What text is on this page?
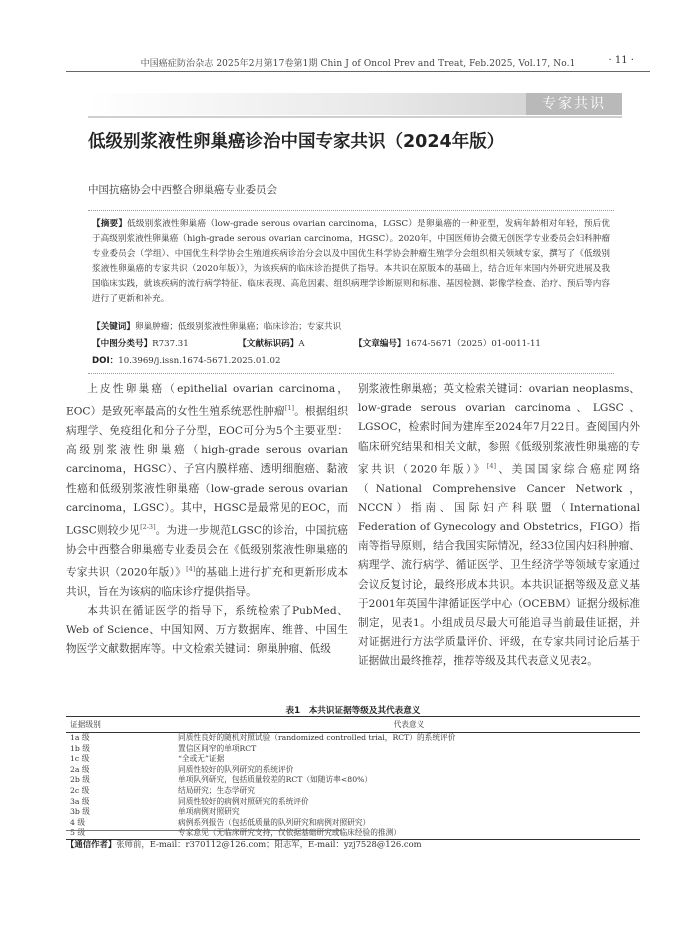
中国癌症防治杂志 2025年2月第17卷第1期 Chin J of Oncol Prev and Treat, Feb.2025, Vol.17, No.1	· 11 ·
专家共识
低级别浆液性卵巢癌诊治中国专家共识（2024年版）
中国抗癌协会中西整合卵巢癌专业委员会
【摘要】低级别浆液性卵巢癌（low-grade serous ovarian carcinoma，LGSC）是卵巢癌的一种亚型，发病年龄相对年轻，预后优于高级别浆液性卵巢癌（high-grade serous ovarian carcinoma，HGSC）。2020年，中国医师协会微无创医学专业委员会妇科肿瘤专业委员会（学组）、中国优生科学协会生殖道疾病诊治分会以及中国优生科学协会肿瘤生殖学分会组织相关领域专家，撰写了《低级别浆液性卵巢癌的专家共识（2020年版）》，为该疾病的临床诊治提供了指导。本共识在原版本的基础上，结合近年来国内外研究进展及我国临床实践，就该疾病的流行病学特征、临床表现、高危因素、组织病理学诊断原则和标准、基因检测、影像学检查、治疗、预后等内容进行了更新和补充。
【关键词】卵巢肿瘤；低级别浆液性卵巢癌；临床诊治；专家共识
【中图分类号】R737.31	【文献标识码】A	【文章编号】1674-5671（2025）01-0011-11
DOI：10.3969/j.issn.1674-5671.2025.01.02

上皮性卵巢癌（epithelial ovarian carcinoma，EOC）是致死率最高的女性生殖系统恶性肿瘤[1]。根据组织病理学、免疫组化和分子分型，EOC可分为5个主要亚型：高级别浆液性卵巢癌（high-grade serous ovarian carcinoma，HGSC）、子宫内膜样癌、透明细胞癌、黏液性癌和低级别浆液性卵巢癌（low-grade serous ovarian carcinoma，LGSC）。其中，HGSC是最常见的EOC，而LGSC则较少见[2-3]。为进一步规范LGSC的诊治，中国抗癌协会中西整合卵巢癌专业委员会在《低级别浆液性卵巢癌的专家共识（2020年版）》[4]的基础上进行扩充和更新形成本共识，旨在为该病的临床诊疗提供指导。

本共识在循证医学的指导下，系统检索了PubMed、Web of Science、中国知网、万方数据库、维普、中国生物医学文献数据库等。中文检索关键词：卵巢肿瘤、低级

别浆液性卵巢癌；英文检索关键词：ovarian neoplasms、low-grade serous ovarian carcinoma、LGSC、LGSOC，检索时间为建库至2024年7月22日。查阅国内外临床研究结果和相关文献，参照《低级别浆液性卵巢癌的专家共识（2020年版）》[4]、美国国家综合癌症网络（National Comprehensive Cancer Network，NCCN）指南、国际妇产科联盟（International Federation of Gynecology and Obstetrics，FIGO）指南等指导原则，结合我国实际情况，经33位国内妇科肿瘤、病理学、流行病学、循证医学、卫生经济学等领域专家通过会议反复讨论，最终形成本共识。本共识证据等级及意义基于2001年英国牛津循证医学中心（OCEBM）证据分级标准制定，见表1。小组成员尽最大可能追寻当前最佳证据，并对证据进行方法学质量评价、评级，在专家共同讨论后基于证据做出最终推荐，推荐等级及其代表意义见表2。

表1　本共识证据等级及其代表意义
证据级别	代表意义
1a 级	同质性良好的随机对照试验（randomized controlled trial，RCT）的系统评价
1b 级	置信区间窄的单项RCT
1c 级	“全或无”证据
2a 级	同质性较好的队列研究的系统评价
2b 级	单项队列研究，包括质量较差的RCT（如随访率<80%）
2c 级	结局研究；生态学研究
3a 级	同质性较好的病例对照研究的系统评价
3b 级	单项病例对照研究
4 级	病例系列报告（包括低质量的队列研究和病例对照研究）
5 级	专家意见（无临床研究支持，仅依据基础研究或临床经验的推测）
【通信作者】张师前，E-mail：r370112@126.com；阳志军，E-mail：yzj7528@126.com
